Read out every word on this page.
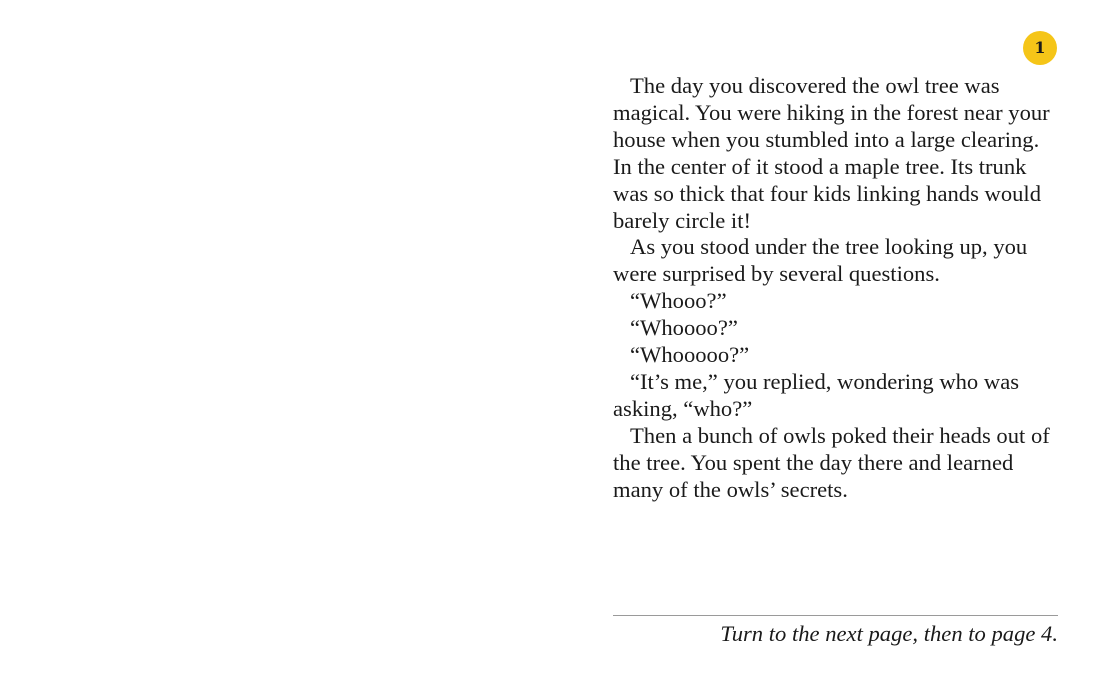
1

The day you discovered the owl tree was magical. You were hiking in the forest near your house when you stumbled into a large clearing. In the center of it stood a maple tree. Its trunk was so thick that four kids linking hands would barely circle it!

As you stood under the tree looking up, you were surprised by several questions.

“Whooo?”

“Whoooo?”

“Whooooo?”

“It’s me,” you replied, wondering who was asking, “who?”

Then a bunch of owls poked their heads out of the tree. You spent the day there and learned many of the owls’ secrets.

Turn to the next page, then to page 4.
